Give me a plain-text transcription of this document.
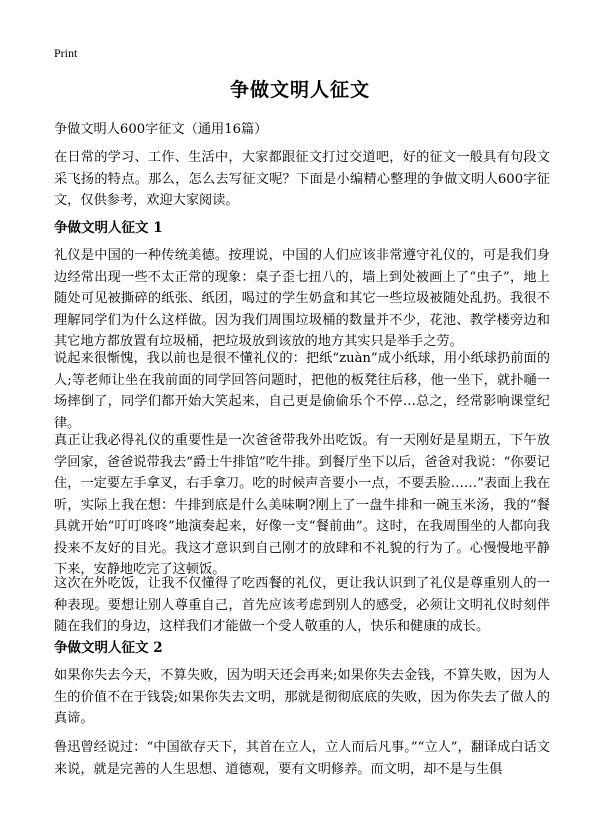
Print
争做文明人征文
争做文明人600字征文（通用16篇）

在日常的学习、工作、生活中，大家都跟征文打过交道吧，好的征文一般具有句段文采飞扬的特点。那么，怎么去写征文呢？下面是小编精心整理的争做文明人600字征文，仅供参考，欢迎大家阅读。

争做文明人征文 1

礼仪是中国的一种传统美德。按理说，中国的人们应该非常遵守礼仪的，可是我们身边经常出现一些不太正常的现象：桌子歪七扭八的，墙上到处被画上了“虫子”，地上随处可见被撕碎的纸张、纸团，喝过的学生奶盒和其它一些垃圾被随处乱扔。我很不理解同学们为什么这样做。因为我们周围垃圾桶的数量并不少，花池、教学楼旁边和其它地方都放置有垃圾桶，把垃圾放到该放的地方其实只是举手之劳。

说起来很惭愧，我以前也是很不懂礼仪的：把纸“zuàn”成小纸球，用小纸球扔前面的人;等老师让坐在我前面的同学回答问题时，把他的板凳往后移，他一坐下，就扑嗵一场摔倒了，同学们都开始大笑起来，自己更是偷偷乐个不停…总之，经常影响课堂纪律。

真正让我必得礼仪的重要性是一次爸爸带我外出吃饭。有一天刚好是星期五，下午放学回家，爸爸说带我去“爵士牛排馆”吃牛排。到餐厅坐下以后，爸爸对我说：“你要记住，一定要左手拿叉，右手拿刀。吃的时候声音要小一点，不要丢脸……”表面上我在听，实际上我在想：牛排到底是什么美味啊?刚上了一盘牛排和一碗玉米汤，我的“餐具就开始“叮叮咚咚”地演奏起来，好像一支“餐前曲”。这时，在我周围坐的人都向我投来不友好的目光。我这才意识到自己刚才的放肆和不礼貌的行为了。心慢慢地平静下来，安静地吃完了这顿饭。

这次在外吃饭，让我不仅懂得了吃西餐的礼仪，更让我认识到了礼仪是尊重别人的一种表现。要想让别人尊重自己，首先应该考虑到别人的感受，必须让文明礼仪时刻伴随在我们的身边，这样我们才能做一个受人敬重的人，快乐和健康的成长。

争做文明人征文 2

如果你失去今天，不算失败，因为明天还会再来;如果你失去金钱，不算失败，因为人生的价值不在于钱袋;如果你失去文明，那就是彻彻底底的失败，因为你失去了做人的真谛。

鲁迅曾经说过：“中国欲存天下，其首在立人，立人而后凡事。”“立人”，翻译成白话文来说，就是完善的人生思想、道德观，要有文明修养。而文明，却不是与生俱
